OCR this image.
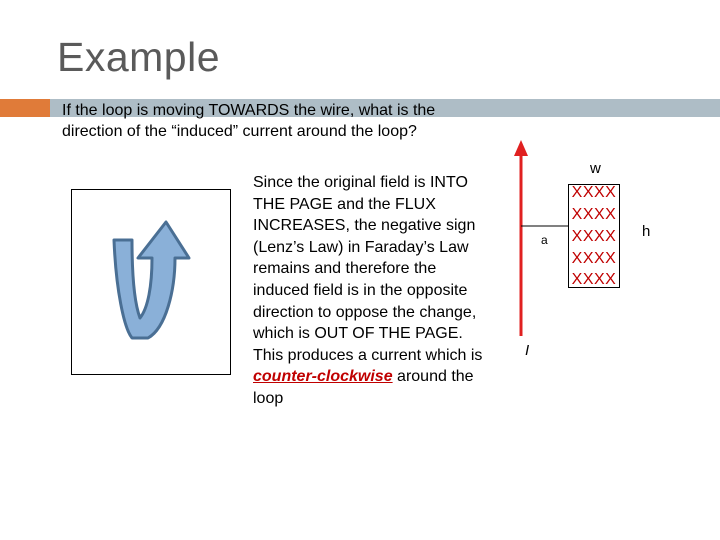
Example
If the loop is moving TOWARDS the wire, what is the direction of the “induced” current around the loop?
Since the original field is INTO THE PAGE and the FLUX INCREASES, the negative sign (Lenz’s Law) in Faraday’s Law remains and therefore the induced field is in the opposite direction to oppose the change, which is OUT OF THE PAGE. This produces a current which is counter-clockwise around the loop
w
h
a
I
XXXX
XXXX
XXXX
XXXX
XXXX
